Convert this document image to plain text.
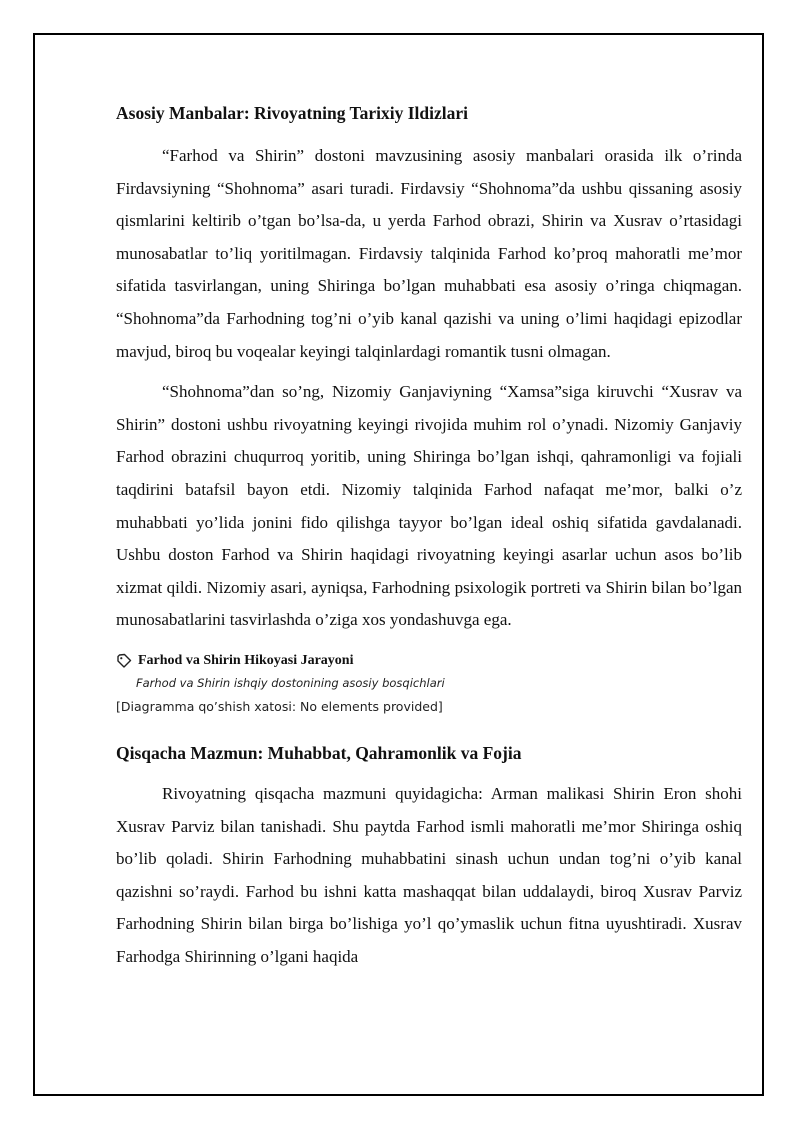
Asosiy Manbalar: Rivoyatning Tarixiy Ildizlari

“Farhod va Shirin” dostoni mavzusining asosiy manbalari orasida ilk o’rinda Firdavsiyning “Shohnoma” asari turadi. Firdavsiy “Shohnoma”da ushbu qissaning asosiy qismlarini keltirib o’tgan bo’lsa-da, u yerda Farhod obrazi, Shirin va Xusrav o’rtasidagi munosabatlar to’liq yoritilmagan. Firdavsiy talqinida Farhod ko’proq mahoratli me’mor sifatida tasvirlangan, uning Shiringa bo’lgan muhabbati esa asosiy o’ringa chiqmagan. “Shohnoma”da Farhodning tog’ni o’yib kanal qazishi va uning o’limi haqidagi epizodlar mavjud, biroq bu voqealar keyingi talqinlardagi romantik tusni olmagan.

“Shohnoma”dan so’ng, Nizomiy Ganjaviyning “Xamsa”siga kiruvchi “Xusrav va Shirin” dostoni ushbu rivoyatning keyingi rivojida muhim rol o’ynadi. Nizomiy Ganjaviy Farhod obrazini chuqurroq yoritib, uning Shiringa bo’lgan ishqi, qahramonligi va fojiali taqdirini batafsil bayon etdi. Nizomiy talqinida Farhod nafaqat me’mor, balki o’z muhabbati yo’lida jonini fido qilishga tayyor bo’lgan ideal oshiq sifatida gavdalanadi. Ushbu doston Farhod va Shirin haqidagi rivoyatning keyingi asarlar uchun asos bo’lib xizmat qildi. Nizomiy asari, ayniqsa, Farhodning psixologik portreti va Shirin bilan bo’lgan munosabatlarini tasvirlashda o’ziga xos yondashuvga ega.

Farhod va Shirin Hikoyasi Jarayoni
Farhod va Shirin ishqiy dostonining asosiy bosqichlari
[Diagramma qo’shish xatosi: No elements provided]
Qisqacha Mazmun: Muhabbat, Qahramonlik va Fojia

Rivoyatning qisqacha mazmuni quyidagicha: Arman malikasi Shirin Eron shohi Xusrav Parviz bilan tanishadi. Shu paytda Farhod ismli mahoratli me’mor Shiringa oshiq bo’lib qoladi. Shirin Farhodning muhabbatini sinash uchun undan tog’ni o’yib kanal qazishni so’raydi. Farhod bu ishni katta mashaqqat bilan uddalaydi, biroq Xusrav Parviz Farhodning Shirin bilan birga bo’lishiga yo’l qo’ymaslik uchun fitna uyushtiradi. Xusrav Farhodga Shirinning o’lgani haqida
